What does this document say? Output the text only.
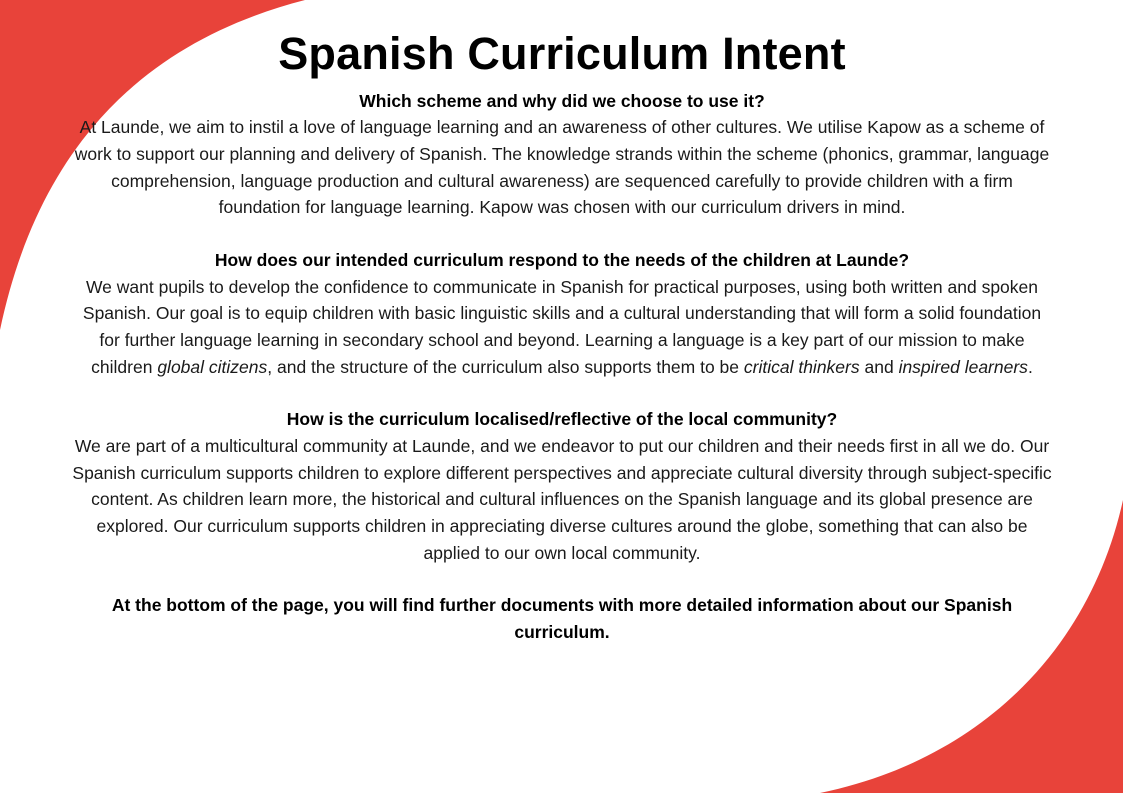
Spanish Curriculum Intent
Which scheme and why did we choose to use it?

At Launde, we aim to instil a love of language learning and an awareness of other cultures. We utilise Kapow as a scheme of work to support our planning and delivery of Spanish. The knowledge strands within the scheme (phonics, grammar, language comprehension, language production and cultural awareness) are sequenced carefully to provide children with a firm foundation for language learning. Kapow was chosen with our curriculum drivers in mind.

How does our intended curriculum respond to the needs of the children at Launde?

We want pupils to develop the confidence to communicate in Spanish for practical purposes, using both written and spoken Spanish. Our goal is to equip children with basic linguistic skills and a cultural understanding that will form a solid foundation for further language learning in secondary school and beyond. Learning a language is a key part of our mission to make children global citizens, and the structure of the curriculum also supports them to be critical thinkers and inspired learners.

How is the curriculum localised/reflective of the local community?

We are part of a multicultural community at Launde, and we endeavor to put our children and their needs first in all we do. Our Spanish curriculum supports children to explore different perspectives and appreciate cultural diversity through subject-specific content. As children learn more, the historical and cultural influences on the Spanish language and its global presence are explored. Our curriculum supports children in appreciating diverse cultures around the globe, something that can also be applied to our own local community.

At the bottom of the page, you will find further documents with more detailed information about our Spanish curriculum.
